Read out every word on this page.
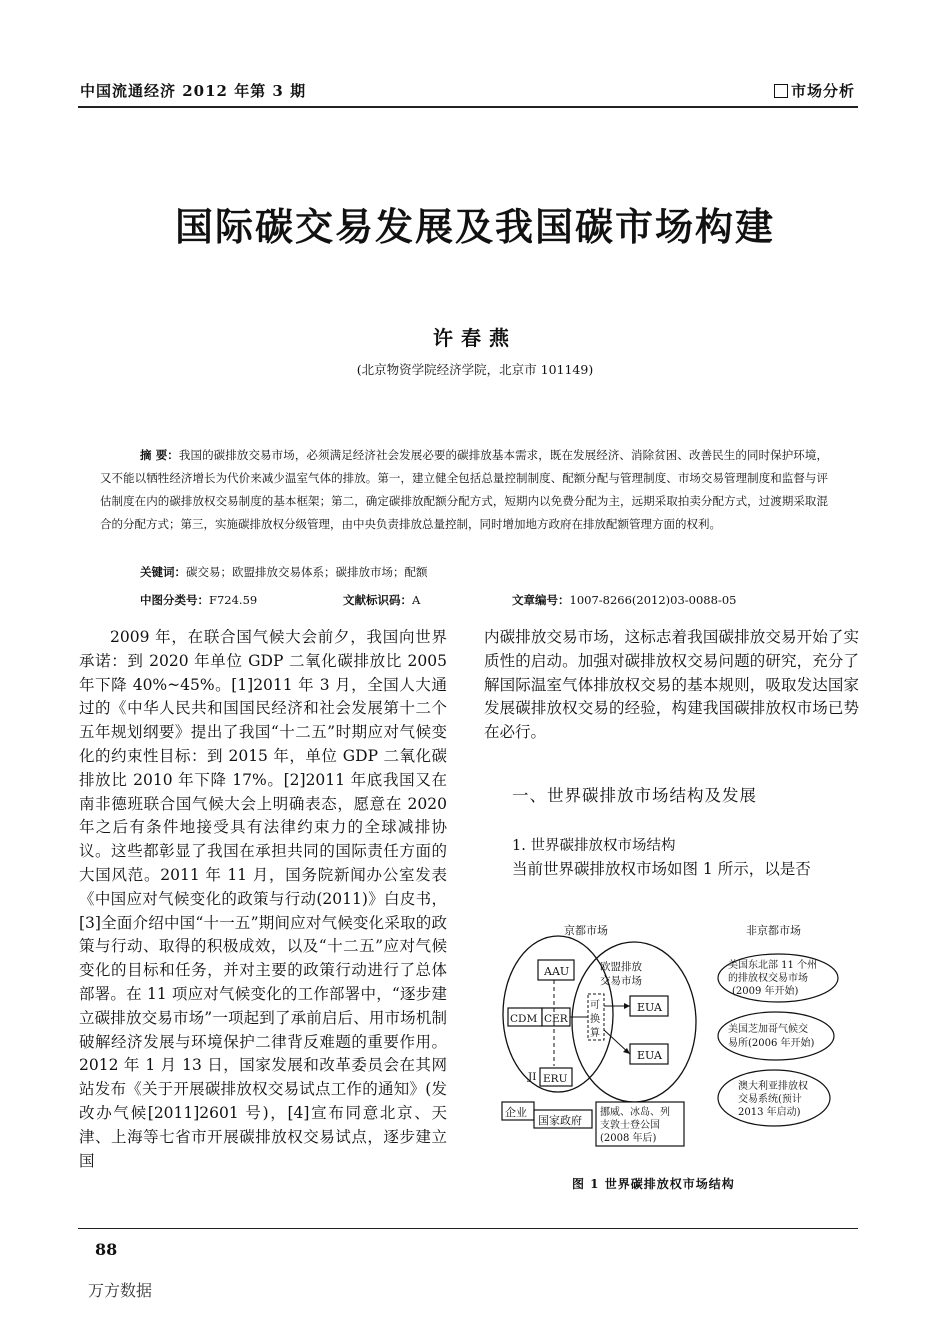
中国流通经济 2012 年第 3 期	市场分析
国际碳交易发展及我国碳市场构建
许春燕
(北京物资学院经济学院，北京市 101149)
摘 要：我国的碳排放交易市场，必须满足经济社会发展必要的碳排放基本需求，既在发展经济、消除贫困、改善民生的同时保护环境，又不能以牺牲经济增长为代价来减少温室气体的排放。第一，建立健全包括总量控制制度、配额分配与管理制度、市场交易管理制度和监督与评估制度在内的碳排放权交易制度的基本框架；第二，确定碳排放配额分配方式，短期内以免费分配为主，远期采取拍卖分配方式，过渡期采取混合的分配方式；第三，实施碳排放权分级管理，由中央负责排放总量控制，同时增加地方政府在排放配额管理方面的权利。
关键词：碳交易；欧盟排放交易体系；碳排放市场；配额
中图分类号：F724.59	文献标识码：A	文章编号：1007-8266(2012)03-0088-05

2009 年，在联合国气候大会前夕，我国向世界承诺：到 2020 年单位 GDP 二氧化碳排放比 2005 年下降 40%~45%。[1]2011 年 3 月，全国人大通过的《中华人民共和国国民经济和社会发展第十二个五年规划纲要》提出了我国“十二五”时期应对气候变化的约束性目标：到 2015 年，单位 GDP 二氧化碳排放比 2010 年下降 17%。[2]2011 年底我国又在南非德班联合国气候大会上明确表态，愿意在 2020 年之后有条件地接受具有法律约束力的全球减排协议。这些都彰显了我国在承担共同的国际责任方面的大国风范。2011 年 11 月，国务院新闻办公室发表《中国应对气候变化的政策与行动(2011)》白皮书，[3]全面介绍中国“十一五”期间应对气候变化采取的政策与行动、取得的积极成效，以及“十二五”应对气候变化的目标和任务，并对主要的政策行动进行了总体部署。在 11 项应对气候变化的工作部署中，“逐步建立碳排放交易市场”一项起到了承前启后、用市场机制破解经济发展与环境保护二律背反难题的重要作用。2012 年 1 月 13 日，国家发展和改革委员会在其网站发布《关于开展碳排放权交易试点工作的通知》(发改办气候[2011]2601 号)，[4]宣布同意北京、天津、上海等七省市开展碳排放权交易试点，逐步建立国

内碳排放交易市场，这标志着我国碳排放交易开始了实质性的启动。加强对碳排放权交易问题的研究，充分了解国际温室气体排放权交易的基本规则，吸取发达国家发展碳排放权交易的经验，构建我国碳排放权市场已势在必行。

一、世界碳排放市场结构及发展
1. 世界碳排放权市场结构
当前世界碳排放权市场如图 1 所示，以是否
京都市场	非京都市场
AAU	欧盟排放 交易市场
CDM CER
可 换 算
EUA
EUA
JI ERU
企业
国家政府
挪威、冰岛、列 支敦士登公国 (2008 年后)
美国东北部 11 个州 的排放权交易市场 (2009 年开始)
美国芝加哥气候交 易所(2006 年开始)
澳大利亚排放权 交易系统(预计 2013 年启动)
图 1 世界碳排放权市场结构
88
万方数据
